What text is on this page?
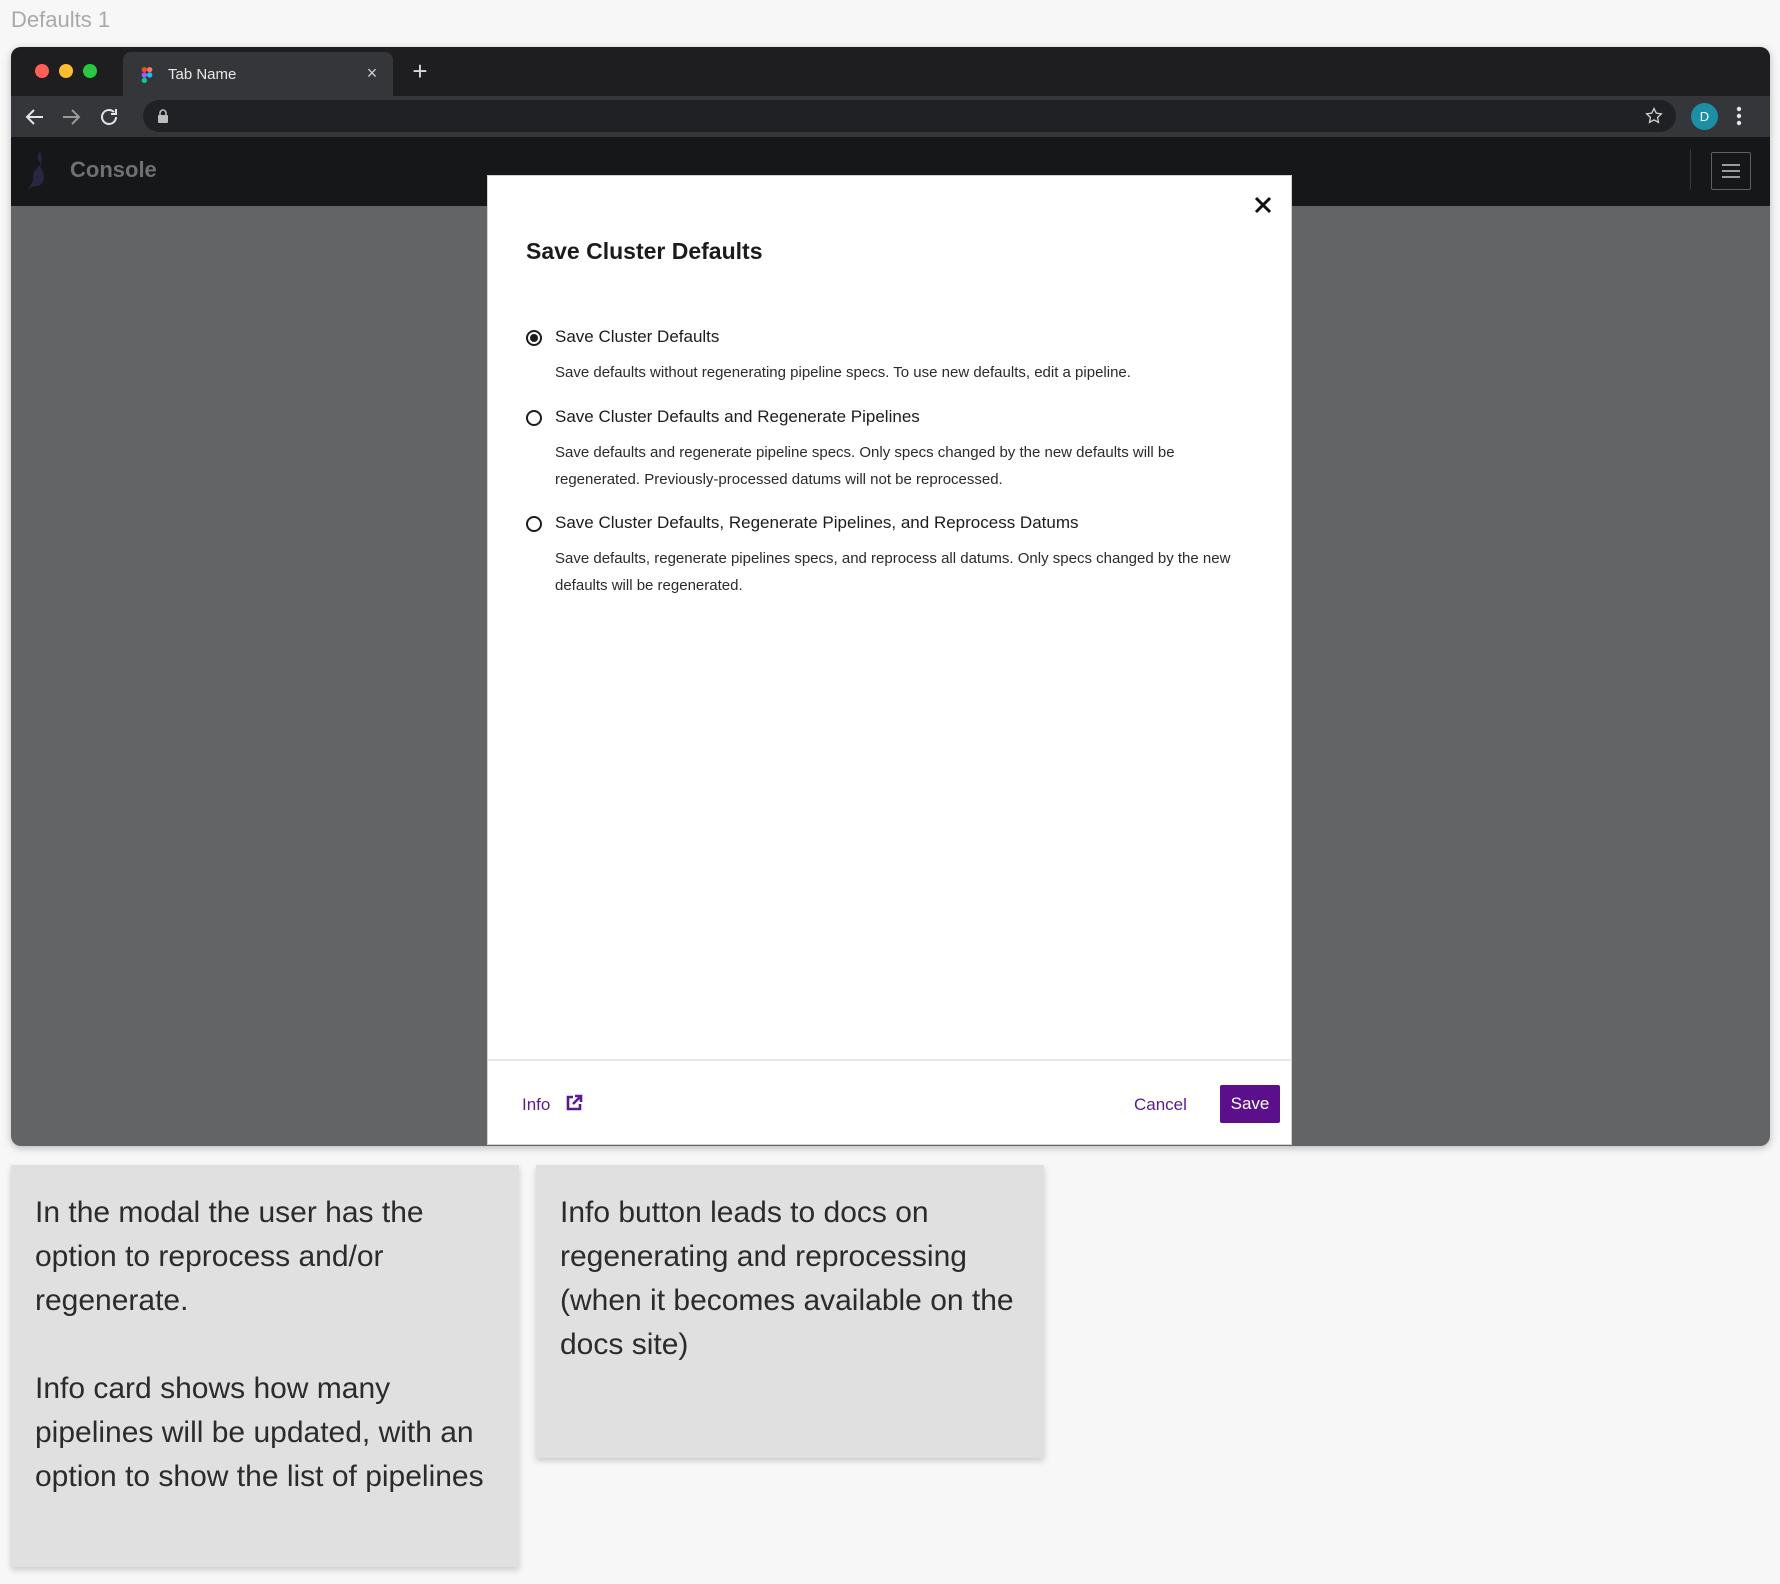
Defaults 1
Tab Name	× +
D
Console
Save Cluster Defaults
Save Cluster Defaults
Save defaults without regenerating pipeline specs. To use new defaults, edit a pipeline.
Save Cluster Defaults and Regenerate Pipelines
Save defaults and regenerate pipeline specs. Only specs changed by the new defaults will be regenerated. Previously-processed datums will not be reprocessed.
Save Cluster Defaults, Regenerate Pipelines, and Reprocess Datums
Save defaults, regenerate pipelines specs, and reprocess all datums. Only specs changed by the new defaults will be regenerated.
Info	Cancel	Save

In the modal the user has the option to reprocess and/or regenerate.

Info card shows how many pipelines will be updated, with an option to show the list of pipelines

Info button leads to docs on regenerating and reprocessing (when it becomes available on the docs site)
